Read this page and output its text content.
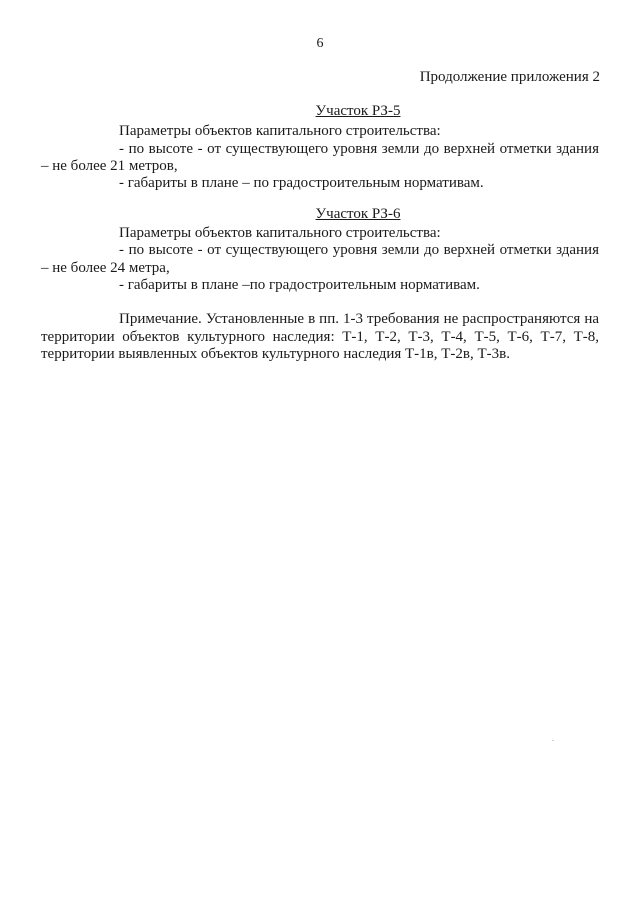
6
Продолжение приложения 2
Участок РЗ-5
Параметры объектов капитального строительства:
- по высоте - от существующего уровня земли до верхней отметки здания
– не более 21 метров,
- габариты в плане – по градостроительным нормативам.
Участок РЗ-6
Параметры объектов капитального строительства:
- по высоте - от существующего уровня земли до верхней отметки здания
– не более 24 метра,
- габариты в плане –по градостроительным нормативам.
Примечание. Установленные в пп. 1-3 требования не распространяются на
территории объектов культурного наследия: Т-1, Т-2, Т-3, Т-4, Т-5, Т-6, Т-7, Т-8,
территории выявленных объектов культурного наследия Т-1в, Т-2в, Т-3в.
